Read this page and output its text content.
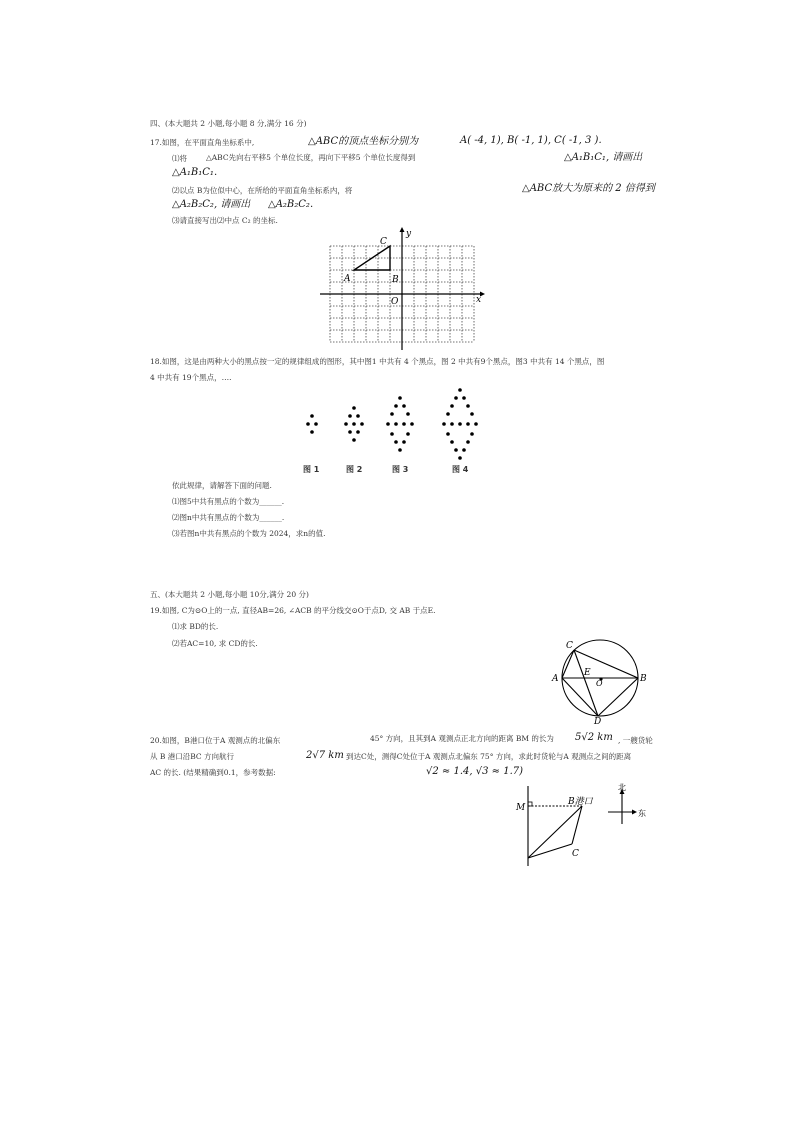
四、(本大题共 2 小题,每小题 8 分,满分 16 分)
17.如图，在平面直角坐标系中,	△ABC的顶点坐标分别为	A( -4, 1), B( -1, 1), C( -1, 3 ).
⑴将	△ABC先向右平移5 个单位长度，再向下平移5 个单位长度得到	△A₁B₁C₁, 请画出
△A₁B₁C₁.
⑵以点 B为位似中心，在所给的平面直角坐标系内，将	△ABC放大为原来的 2 倍得到
△A₂B₂C₂, 请画出 △A₂B₂C₂.
⑶请直接写出⑵中点 C₂ 的坐标.
y
x
C
A	B
O
18.如图，这是由两种大小的黑点按一定的规律组成的图形，其中图1 中共有 4 个黑点，图 2 中共有9个黑点，图3 中共有 14 个黑点，图
4 中共有 19个黑点，….
图 1	图 2	图 3	图 4
依此规律，请解答下面的问题.
⑴图5中共有黑点的个数为______.
⑵图n中共有黑点的个数为______.
⑶若图n中共有黑点的个数为 2024，求n的值.
五、(本大题共 2 小题,每小题 10分,满分 20 分)
19.如图, C为⊙O上的一点, 直径AB=26, ∠ACB 的平分线交⊙O于点D, 交 AB 于点E.
⑴求 BD的长.
⑵若AC=10, 求 CD的长.	C
E
A	O	B
D
20.如图，B港口位于A 观测点的北偏东	45° 方向，且其到A 观测点正北方向的距离 BM 的长为 5√2 km , 一艘货轮
从 B 港口沿BC 方向航行	2√7 km 到达C处，测得C处位于A 观测点北偏东 75° 方向，求此时货轮与A 观测点之间的距离
AC 的长. (结果精确到0.1，参考数据:	√2 ≈ 1.4, √3 ≈ 1.7)
M
B港口
C
北
东
